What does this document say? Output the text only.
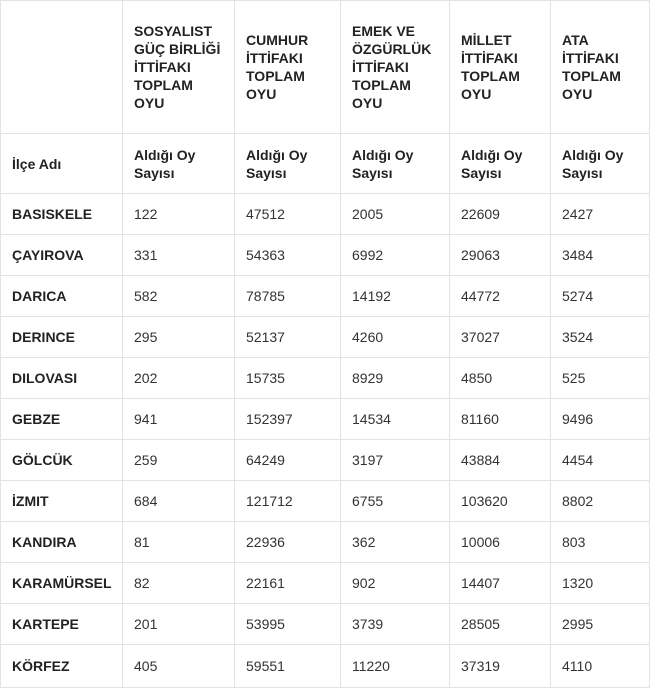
	SOSYALIST GÜÇ BİRLİĞİ İTTİFAKI TOPLAM OYU	CUMHUR İTTİFAKI TOPLAM OYU	EMEK VE ÖZGÜRLÜK İTTİFAKI TOPLAM OYU	MİLLET İTTİFAKI TOPLAM OYU	ATA İTTİFAKI TOPLAM OYU
İlçe Adı	Aldığı Oy Sayısı	Aldığı Oy Sayısı	Aldığı Oy Sayısı	Aldığı Oy Sayısı	Aldığı Oy Sayısı
BASISKELE	122	47512	2005	22609	2427
ÇAYIROVA	331	54363	6992	29063	3484
DARICA	582	78785	14192	44772	5274
DERINCE	295	52137	4260	37027	3524
DILOVASI	202	15735	8929	4850	525
GEBZE	941	152397	14534	81160	9496
GÖLCÜK	259	64249	3197	43884	4454
İZMIT	684	121712	6755	103620	8802
KANDIRA	81	22936	362	10006	803
KARAMÜRSEL	82	22161	902	14407	1320
KARTEPE	201	53995	3739	28505	2995
KÖRFEZ	405	59551	11220	37319	4110
